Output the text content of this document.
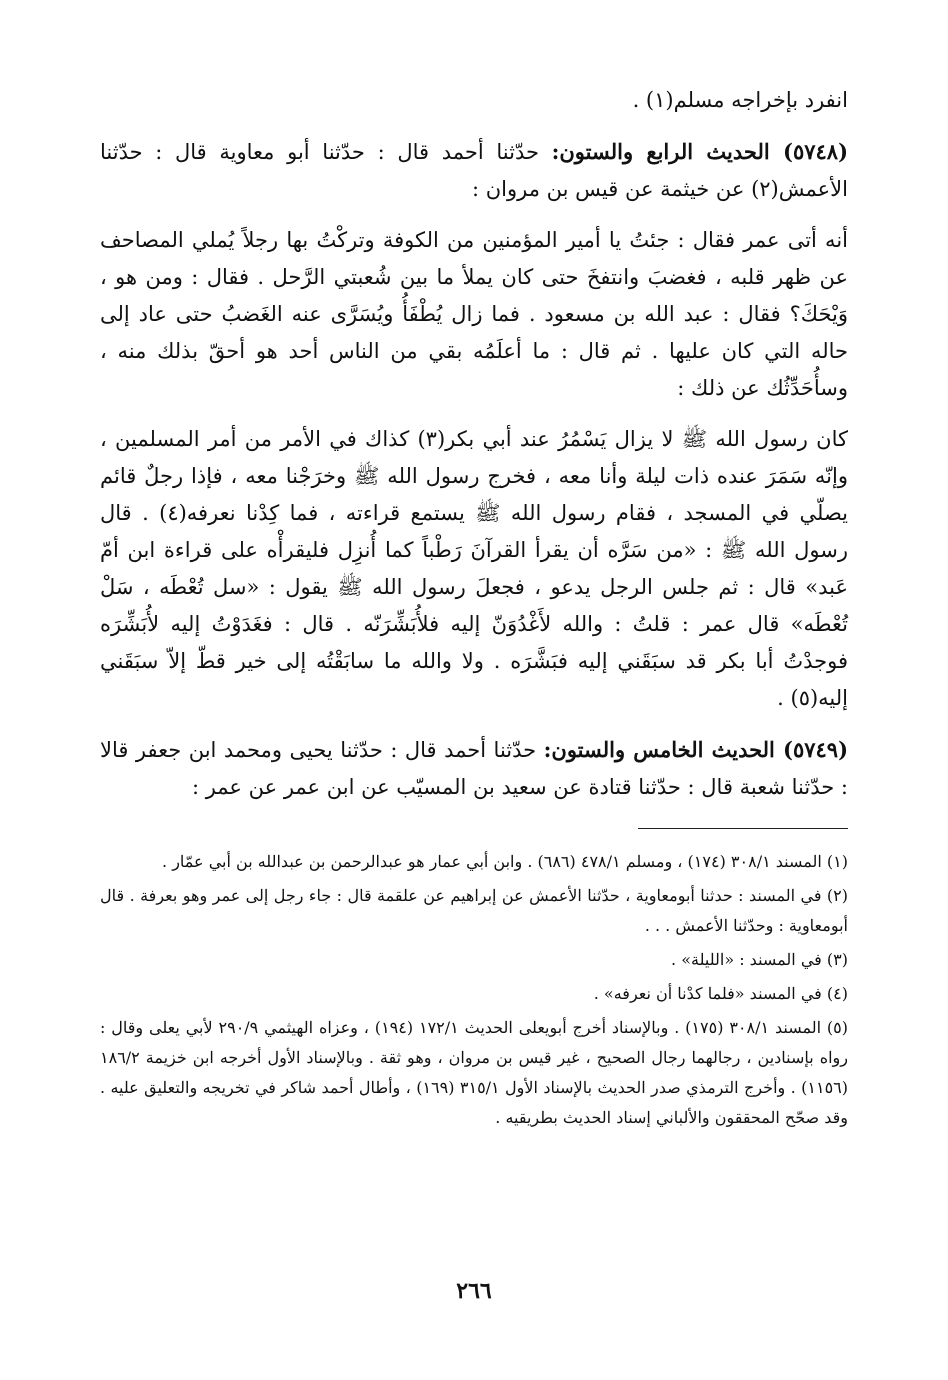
انفرد بإخراجه مسلم(١) .

(٥٧٤٨) الحديث الرابع والستون: حدّثنا أحمد قال : حدّثنا أبو معاوية قال : حدّثنا الأعمش(٢) عن خيثمة عن قيس بن مروان :

أنه أتى عمر فقال : جئتُ يا أمير المؤمنين من الكوفة وتركْتُ بها رجلاً يُملي المصاحف عن ظهر قلبه ، فغضبَ وانتفخَ حتى كان يملأ ما بين شُعبتي الرَّحل . فقال : ومن هو ، وَيْحَكَ؟ فقال : عبد الله بن مسعود . فما زال يُطْفَأُ ويُسَرَّى عنه الغَضبُ حتى عاد إلى حاله التي كان عليها . ثم قال : ما أعلَمُه بقي من الناس أحد هو أحقّ بذلك منه ، وسأُحَدِّثُك عن ذلك :

كان رسول الله ﷺ لا يزال يَسْمُرُ عند أبي بكر(٣) كذاك في الأمر من أمر المسلمين ، وإنّه سَمَرَ عنده ذات ليلة وأنا معه ، فخرج رسول الله ﷺ وخرَجْنا معه ، فإذا رجلٌ قائم يصلّي في المسجد ، فقام رسول الله ﷺ يستمع قراءته ، فما كِدْنا نعرفه(٤) . قال رسول الله ﷺ : «من سَرَّه أن يقرأ القرآنَ رَطْباً كما أُنزِل فليقرأْه على قراءة ابن أمّ عَبد» قال : ثم جلس الرجل يدعو ، فجعلَ رسول الله ﷺ يقول : «سل تُعْطَه ، سَلْ تُعْطَه» قال عمر : قلتُ : والله لأَغْدُوَنّ إليه فلأُبَشِّرَنّه . قال : فغَدَوْتُ إليه لأُبَشِّرَه فوجدْتُ أبا بكر قد سبَقَني إليه فبَشَّرَه . ولا والله ما سابَقْتُه إلى خير قطّ إلاّ سبَقَني إليه(٥) .

(٥٧٤٩) الحديث الخامس والستون: حدّثنا أحمد قال : حدّثنا يحيى ومحمد ابن جعفر قالا : حدّثنا شعبة قال : حدّثنا قتادة عن سعيد بن المسيّب عن ابن عمر عن عمر :

(١) المسند ٣٠٨/١ (١٧٤) ، ومسلم ٤٧٨/١ (٦٨٦) . وابن أبي عمار هو عبدالرحمن بن عبدالله بن أبي عمّار .

(٢) في المسند : حدثنا أبومعاوية ، حدّثنا الأعمش عن إبراهيم عن علقمة قال : جاء رجل إلى عمر وهو بعرفة . قال أبومعاوية : وحدّثنا الأعمش . . .

(٣) في المسند : «الليلة» .

(٤) في المسند «فلما كدْنا أن نعرفه» .

(٥) المسند ٣٠٨/١ (١٧٥) . وبالإسناد أخرج أبويعلى الحديث ١٧٢/١ (١٩٤) ، وعزاه الهيثمي ٢٩٠/٩ لأبي يعلى وقال : رواه بإسنادين ، رجالهما رجال الصحيح ، غير قيس بن مروان ، وهو ثقة . وبالإسناد الأول أخرجه ابن خزيمة ١٨٦/٢ (١١٥٦) . وأخرج الترمذي صدر الحديث بالإسناد الأول ٣١٥/١ (١٦٩) ، وأطال أحمد شاكر في تخريجه والتعليق عليه . وقد صحّح المحققون والألباني إسناد الحديث بطريقيه .

٢٦٦
